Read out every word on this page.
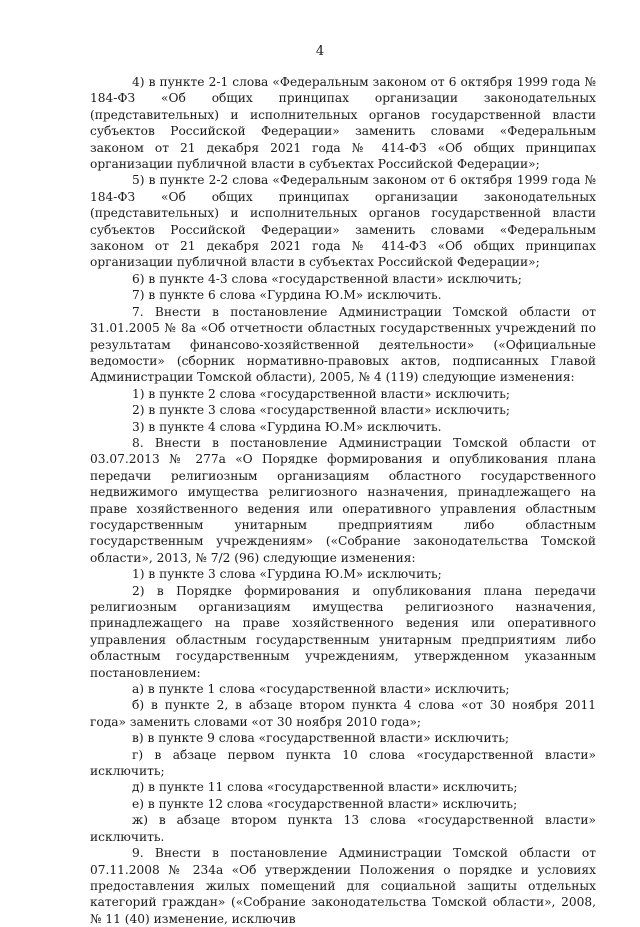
4

4) в пункте 2-1 слова «Федеральным законом от 6 октября 1999 года № 184-ФЗ «Об общих принципах организации законодательных (представительных) и исполнительных органов государственной власти субъектов Российской Федерации» заменить словами «Федеральным законом от 21 декабря 2021 года № 414-ФЗ «Об общих принципах организации публичной власти в субъектах Российской Федерации»;

5) в пункте 2-2 слова «Федеральным законом от 6 октября 1999 года № 184-ФЗ «Об общих принципах организации законодательных (представительных) и исполнительных органов государственной власти субъектов Российской Федерации» заменить словами «Федеральным законом от 21 декабря 2021 года № 414-ФЗ «Об общих принципах организации публичной власти в субъектах Российской Федерации»;

6) в пункте 4-3 слова «государственной власти» исключить;

7) в пункте 6 слова «Гурдина Ю.М» исключить.

7. Внести в постановление Администрации Томской области от 31.01.2005 № 8а «Об отчетности областных государственных учреждений по результатам финансово-хозяйственной деятельности» («Официальные ведомости» (сборник нормативно-правовых актов, подписанных Главой Администрации Томской области), 2005, № 4 (119) следующие изменения:

1) в пункте 2 слова «государственной власти» исключить;

2) в пункте 3 слова «государственной власти» исключить;

3) в пункте 4 слова «Гурдина Ю.М» исключить.

8. Внести в постановление Администрации Томской области от 03.07.2013 № 277а «О Порядке формирования и опубликования плана передачи религиозным организациям областного государственного недвижимого имущества религиозного назначения, принадлежащего на праве хозяйственного ведения или оперативного управления областным государственным унитарным предприятиям либо областным государственным учреждениям» («Собрание законодательства Томской области», 2013, № 7/2 (96) следующие изменения:

1) в пункте 3 слова «Гурдина Ю.М» исключить;

2) в Порядке формирования и опубликования плана передачи религиозным организациям имущества религиозного назначения, принадлежащего на праве хозяйственного ведения или оперативного управления областным государственным унитарным предприятиям либо областным государственным учреждениям, утвержденном указанным постановлением:

а) в пункте 1 слова «государственной власти» исключить;

б) в пункте 2, в абзаце втором пункта 4 слова «от 30 ноября 2011 года» заменить словами «от 30 ноября 2010 года»;

в) в пункте 9 слова «государственной власти» исключить;

г) в абзаце первом пункта 10 слова «государственной власти» исключить;

д) в пункте 11 слова «государственной власти» исключить;

е) в пункте 12 слова «государственной власти» исключить;

ж) в абзаце втором пункта 13 слова «государственной власти» исключить.

9. Внести в постановление Администрации Томской области от 07.11.2008 № 234а «Об утверждении Положения о порядке и условиях предоставления жилых помещений для социальной защиты отдельных категорий граждан» («Собрание законодательства Томской области», 2008, № 11 (40) изменение, исключив
